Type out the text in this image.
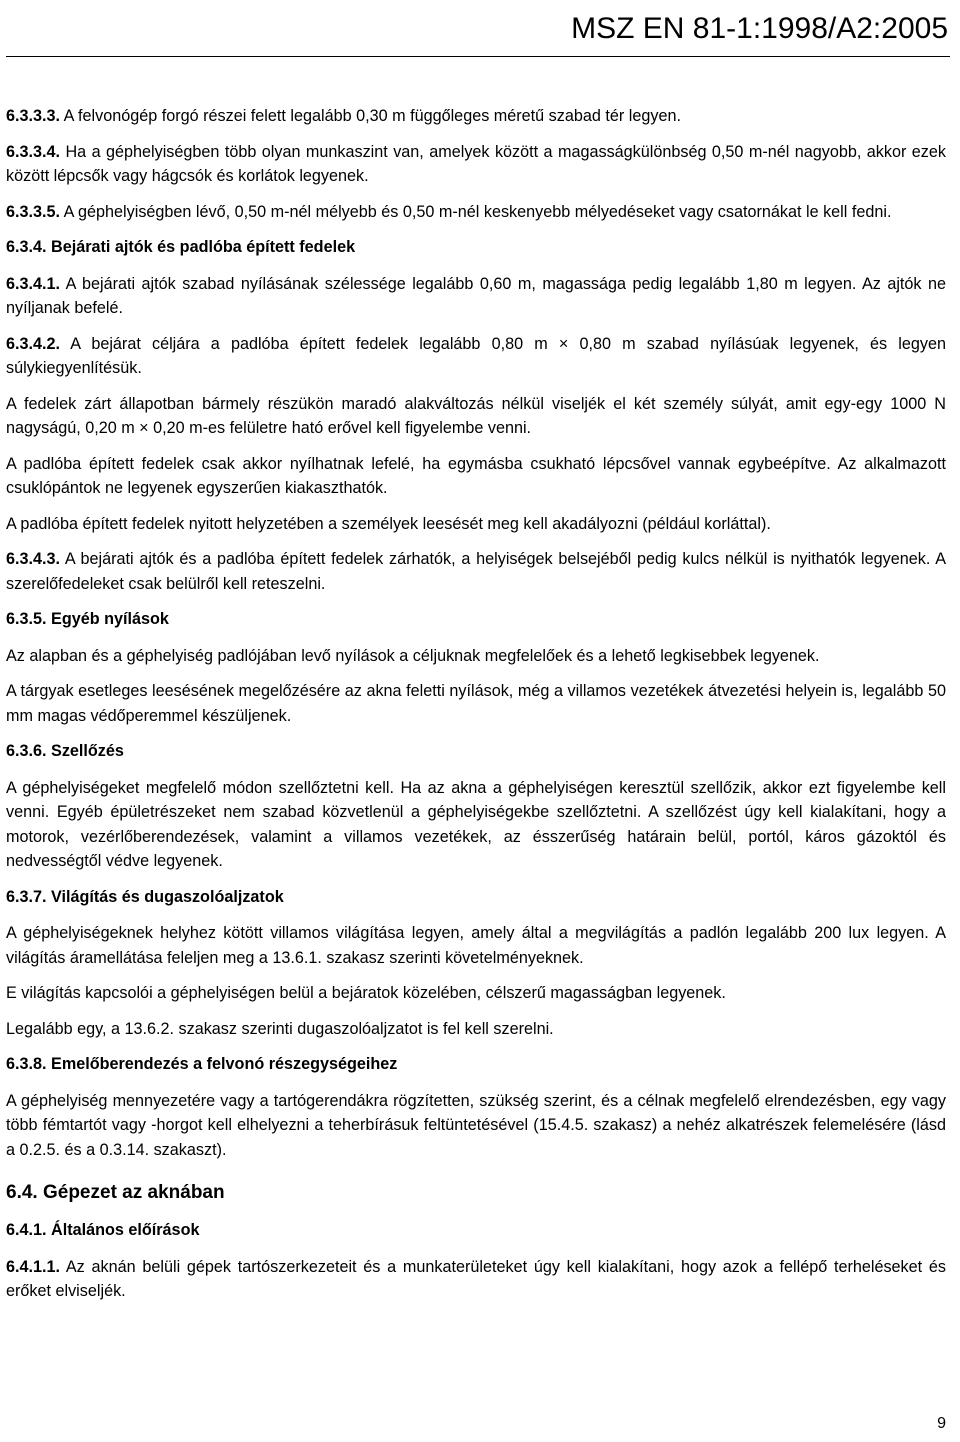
MSZ EN 81-1:1998/A2:2005

6.3.3.3. A felvonógép forgó részei felett legalább 0,30 m függőleges méretű szabad tér legyen.

6.3.3.4. Ha a géphelyiségben több olyan munkaszint van, amelyek között a magasságkülönbség 0,50 m-nél nagyobb, akkor ezek között lépcsők vagy hágcsók és korlátok legyenek.

6.3.3.5. A géphelyiségben lévő, 0,50 m-nél mélyebb és 0,50 m-nél keskenyebb mélyedéseket vagy csatornákat le kell fedni.

6.3.4. Bejárati ajtók és padlóba épített fedelek

6.3.4.1. A bejárati ajtók szabad nyílásának szélessége legalább 0,60 m, magassága pedig legalább 1,80 m legyen. Az ajtók ne nyíljanak befelé.

6.3.4.2. A bejárat céljára a padlóba épített fedelek legalább 0,80 m × 0,80 m szabad nyílásúak legyenek, és legyen súlykiegyenlítésük.

A fedelek zárt állapotban bármely részükön maradó alakváltozás nélkül viseljék el két személy súlyát, amit egy-egy 1000 N nagyságú, 0,20 m × 0,20 m-es felületre ható erővel kell figyelembe venni.

A padlóba épített fedelek csak akkor nyílhatnak lefelé, ha egymásba csukható lépcsővel vannak egybeépítve. Az alkalmazott csuklópántok ne legyenek egyszerűen kiakaszthatók.

A padlóba épített fedelek nyitott helyzetében a személyek leesését meg kell akadályozni (például korláttal).

6.3.4.3. A bejárati ajtók és a padlóba épített fedelek zárhatók, a helyiségek belsejéből pedig kulcs nélkül is nyithatók legyenek. A szerelőfedeleket csak belülről kell reteszelni.

6.3.5. Egyéb nyílások

Az alapban és a géphelyiség padlójában levő nyílások a céljuknak megfelelőek és a lehető legkisebbek legyenek.

A tárgyak esetleges leesésének megelőzésére az akna feletti nyílások, még a villamos vezetékek átvezetési helyein is, legalább 50 mm magas védőperemmel készüljenek.

6.3.6. Szellőzés

A géphelyiségeket megfelelő módon szellőztetni kell. Ha az akna a géphelyiségen keresztül szellőzik, akkor ezt figyelembe kell venni. Egyéb épületrészeket nem szabad közvetlenül a géphelyiségekbe szellőztetni. A szellőzést úgy kell kialakítani, hogy a motorok, vezérlőberendezések, valamint a villamos vezetékek, az ésszerűség határain belül, portól, káros gázoktól és nedvességtől védve legyenek.

6.3.7. Világítás és dugaszolóaljzatok

A géphelyiségeknek helyhez kötött villamos világítása legyen, amely által a megvilágítás a padlón legalább 200 lux legyen. A világítás áramellátása feleljen meg a 13.6.1. szakasz szerinti követelményeknek.

E világítás kapcsolói a géphelyiségen belül a bejáratok közelében, célszerű magasságban legyenek.

Legalább egy, a 13.6.2. szakasz szerinti dugaszolóaljzatot is fel kell szerelni.

6.3.8. Emelőberendezés a felvonó részegységeihez

A géphelyiség mennyezetére vagy a tartógerendákra rögzítetten, szükség szerint, és a célnak megfelelő elrendezésben, egy vagy több fémtartót vagy -horgot kell elhelyezni a teherbírásuk feltüntetésével (15.4.5. szakasz) a nehéz alkatrészek felemelésére (lásd a 0.2.5. és a 0.3.14. szakaszt).

6.4. Gépezet az aknában
6.4.1. Általános előírások

6.4.1.1. Az aknán belüli gépek tartószerkezeteit és a munkaterületeket úgy kell kialakítani, hogy azok a fellépő terheléseket és erőket elviseljék.

9
